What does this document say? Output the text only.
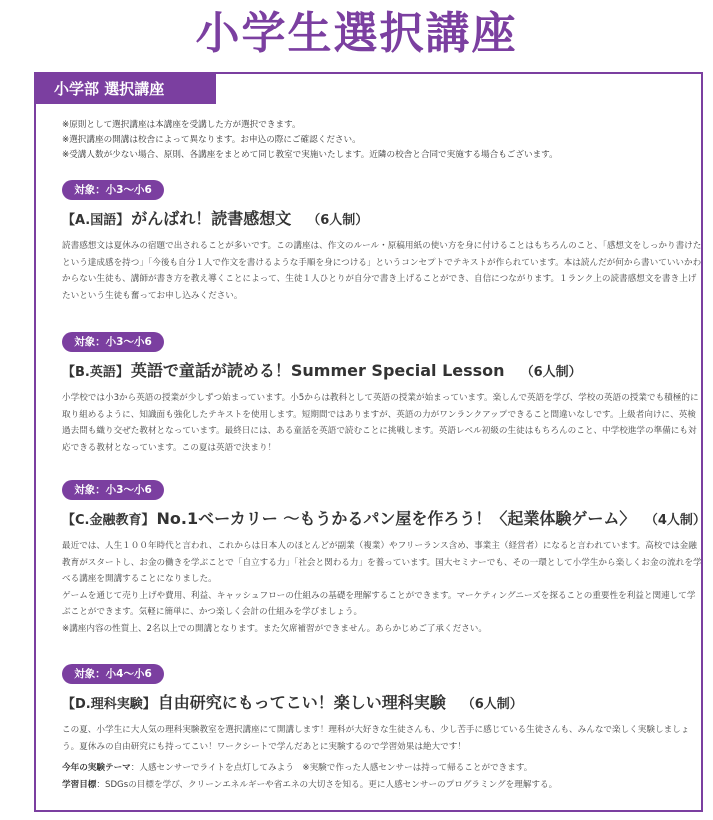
小学生選択講座
小学部 選択講座

※原則として選択講座は本講座を受講した方が選択できます。

※選択講座の開講は校舎によって異なります。お申込の際にご確認ください。

※受講人数が少ない場合、原則、各講座をまとめて同じ教室で実施いたします。近隣の校舎と合同で実施する場合もございます。

対象：小3〜小6
【A.国語】 がんばれ！読書感想文 （6人制）

読書感想文は夏休みの宿題で出されることが多いです。この講座は、作文のルール・原稿用紙の使い方を身に付けることはもちろんのこと、「感想文をしっかり書けたという達成感を持つ」「今後も自分１人で作文を書けるような手順を身につける」というコンセプトでテキストが作られています。本は読んだが何から書いていいかわからない生徒も、講師が書き方を教え導くことによって、生徒１人ひとりが自分で書き上げることができ、自信につながります。１ランク上の読書感想文を書き上げたいという生徒も奮ってお申し込みください。

対象：小3〜小6
【B.英語】 英語で童話が読める！Summer Special Lesson （6人制）

小学校では小3から英語の授業が少しずつ始まっています。小5からは教科として英語の授業が始まっています。楽しんで英語を学び、学校の英語の授業でも積極的に取り組めるように、知識面も強化したテキストを使用します。短期間ではありますが、英語の力がワンランクアップできること間違いなしです。上級者向けに、英検過去問も織り交ぜた教材となっています。最終日には、ある童話を英語で読むことに挑戦します。英語レベル初級の生徒はもちろんのこと、中学校進学の準備にも対応できる教材となっています。この夏は英語で決まり！

対象：小3〜小6
【C.金融教育】 No.1ベーカリー 〜もうかるパン屋を作ろう！〈起業体験ゲーム〉 （4人制）

最近では、人生１００年時代と言われ、これからは日本人のほとんどが副業（複業）やフリーランス含め、事業主（経営者）になると言われています。高校では金融教育がスタートし、お金の働きを学ぶことで「自立する力」「社会と関わる力」を養っています。国大セミナーでも、その一環として小学生から楽しくお金の流れを学べる講座を開講することになりました。

ゲームを通じて売り上げや費用、利益、キャッシュフローの仕組みの基礎を理解することができます。マーケティングニーズを探ることの重要性を利益と関連して学ぶことができます。気軽に簡単に、かつ楽しく会計の仕組みを学びましょう。

※講座内容の性質上、2名以上での開講となります。また欠席補習ができません。あらかじめご了承ください。

対象：小4〜小6
【D.理科実験】 自由研究にもってこい！楽しい理科実験 （6人制）

この夏、小学生に大人気の理科実験教室を選択講座にて開講します！理科が大好きな生徒さんも、少し苦手に感じている生徒さんも、みんなで楽しく実験しましょう。夏休みの自由研究にも持ってこい！ワークシートで学んだあとに実験するので学習効果は絶大です！

今年の実験テーマ：人感センサーでライトを点灯してみよう　※実験で作った人感センサーは持って帰ることができます。

学習目標：SDGsの目標を学び、クリーンエネルギーや省エネの大切さを知る。更に人感センサーのプログラミングを理解する。
